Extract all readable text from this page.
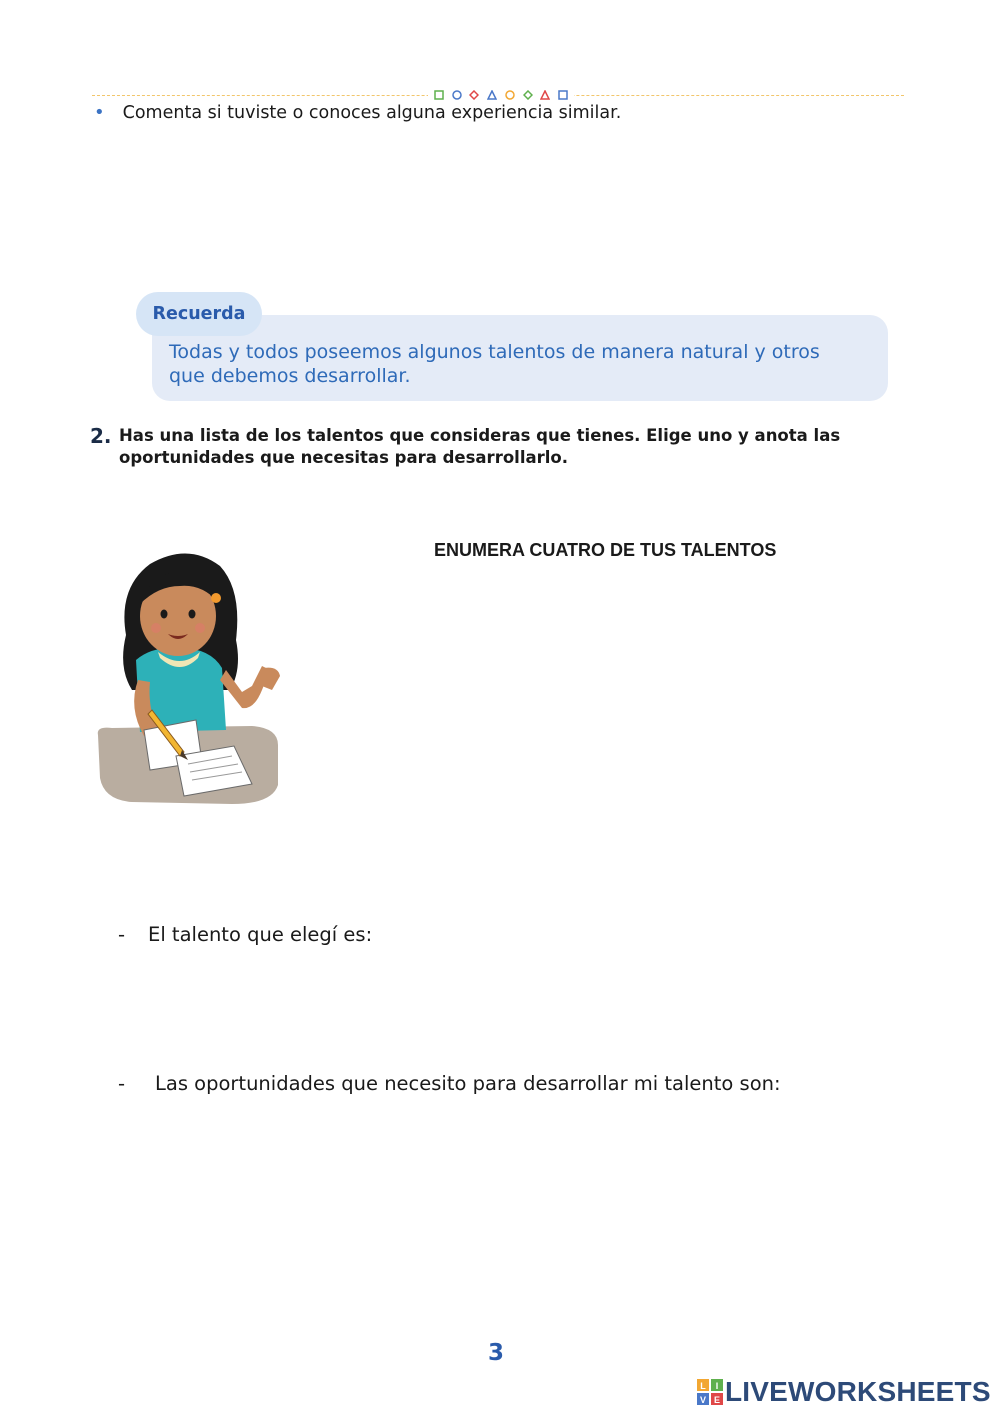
• Comenta si tuviste o conoces alguna experiencia similar.
Recuerda
Todas y todos poseemos algunos talentos de manera natural y otros
que debemos desarrollar.
2. Has una lista de los talentos que consideras que tienes. Elige uno y anota las
oportunidades que necesitas para desarrollarlo.
ENUMERA CUATRO DE TUS TALENTOS
- El talento que elegí es:
- Las oportunidades que necesito para desarrollar mi talento son:
3
L I
V E LIVEWORKSHEETS
